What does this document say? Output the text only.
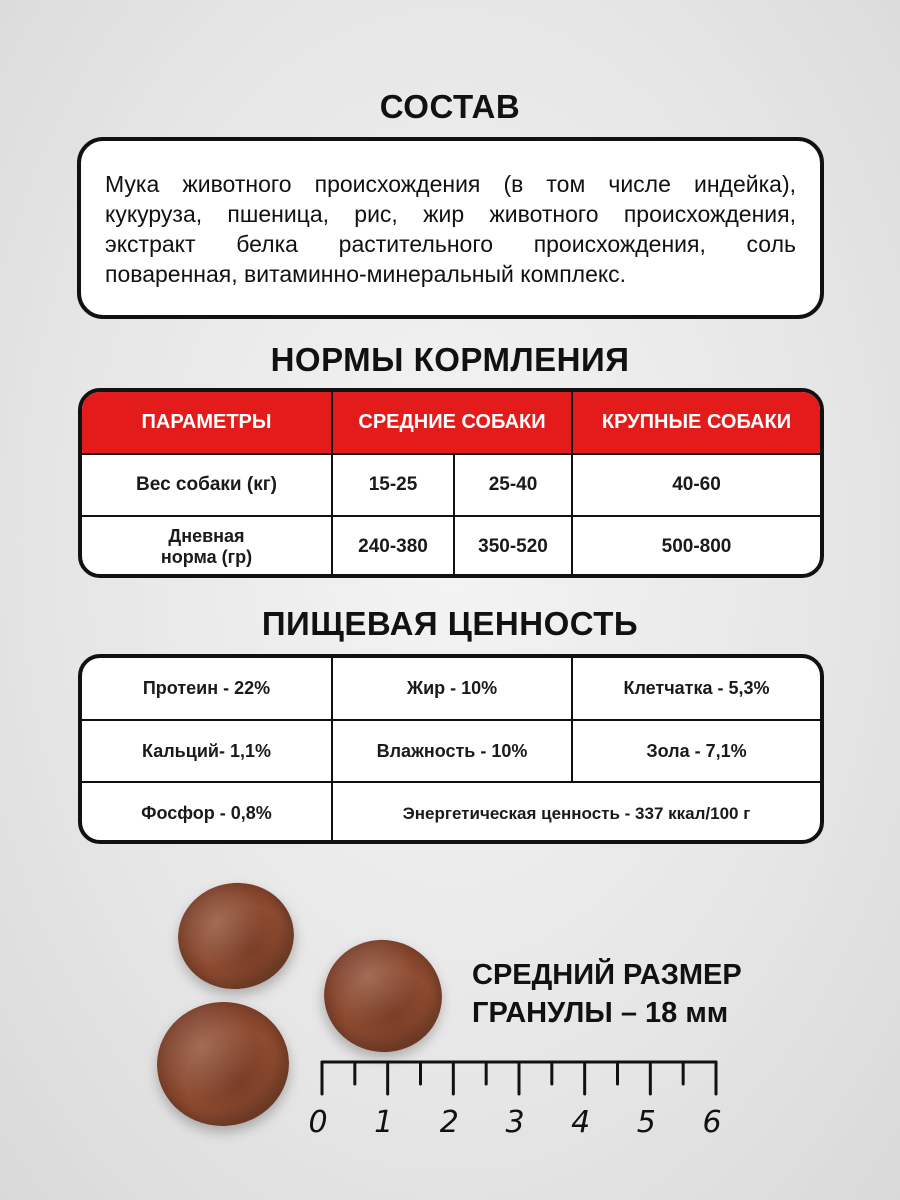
СОСТАВ

Мука животного происхождения (в том числе индейка), кукуруза, пшеница, рис, жир животного происхождения, экстракт белка растительного происхождения, соль поваренная, витаминно-минеральный комплекс.

НОРМЫ КОРМЛЕНИЯ
ПАРАМЕТРЫ	СРЕДНИЕ СОБАКИ		КРУПНЫЕ СОБАКИ
Вес собаки (кг)	15-25	25-40	40-60

Дневная
норма (гр)	240-380	350-520	500-800
ПИЩЕВАЯ ЦЕННОСТЬ
Протеин - 22%	Жир - 10%	Клетчатка - 5,3%
Кальций- 1,1%	Влажность - 10%	Зола - 7,1%
Фосфор - 0,8%	Энергетическая ценность - 337 ккал/100 г	
СРЕДНИЙ РАЗМЕР
ГРАНУЛЫ – 18 мм
0 1 2 3 4 5 6
